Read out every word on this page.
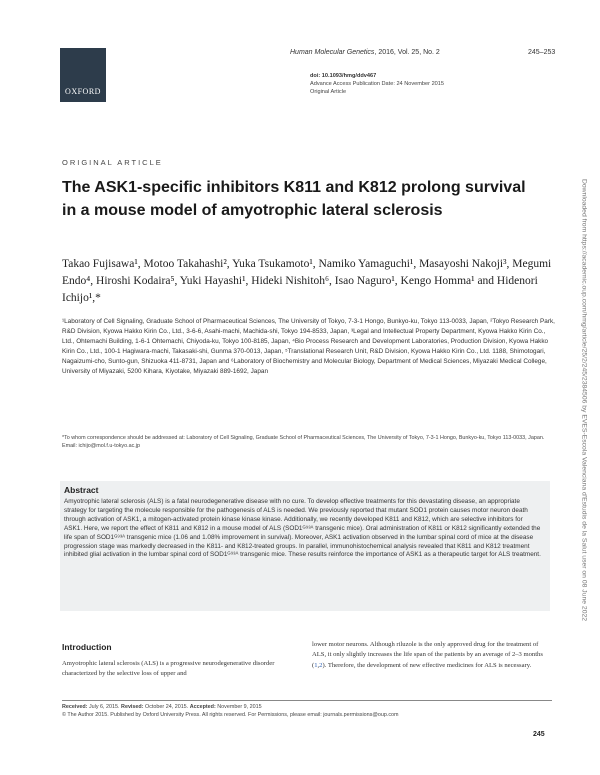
OXFORD
Human Molecular Genetics, 2016, Vol. 25, No. 2	245–253
doi: 10.1093/hmg/ddv467
Advance Access Publication Date: 24 November 2015
Original Article
ORIGINAL ARTICLE
The ASK1-specific inhibitors K811 and K812 prolong survival in a mouse model of amyotrophic lateral sclerosis
Takao Fujisawa¹, Motoo Takahashi², Yuka Tsukamoto¹, Namiko Yamaguchi¹, Masayoshi Nakoji³, Megumi Endo⁴, Hiroshi Kodaira⁵, Yuki Hayashi¹, Hideki Nishitoh⁶, Isao Naguro¹, Kengo Homma¹ and Hidenori Ichijo¹,*
¹Laboratory of Cell Signaling, Graduate School of Pharmaceutical Sciences, The University of Tokyo, 7-3-1 Hongo, Bunkyo-ku, Tokyo 113-0033, Japan, ²Tokyo Research Park, R&D Division, Kyowa Hakko Kirin Co., Ltd., 3-6-6, Asahi-machi, Machida-shi, Tokyo 194-8533, Japan, ³Legal and Intellectual Property Department, Kyowa Hakko Kirin Co., Ltd., Ohtemachi Building, 1-6-1 Ohtemachi, Chiyoda-ku, Tokyo 100-8185, Japan, ⁴Bio Process Research and Development Laboratories, Production Division, Kyowa Hakko Kirin Co., Ltd., 100-1 Hagiwara-machi, Takasaki-shi, Gunma 370-0013, Japan, ⁵Translational Research Unit, R&D Division, Kyowa Hakko Kirin Co., Ltd. 1188, Shimotogari, Nagaizumi-cho, Sunto-gun, Shizuoka 411-8731, Japan and ⁶Laboratory of Biochemistry and Molecular Biology, Department of Medical Sciences, Miyazaki Medical College, University of Miyazaki, 5200 Kihara, Kiyotake, Miyazaki 889-1692, Japan
*To whom correspondence should be addressed at: Laboratory of Cell Signaling, Graduate School of Pharmaceutical Sciences, The University of Tokyo, 7-3-1 Hongo, Bunkyo-ku, Tokyo 113-0033, Japan. Email: ichijo@mol.f.u-tokyo.ac.jp
Abstract
Amyotrophic lateral sclerosis (ALS) is a fatal neurodegenerative disease with no cure. To develop effective treatments for this devastating disease, an appropriate strategy for targeting the molecule responsible for the pathogenesis of ALS is needed. We previously reported that mutant SOD1 protein causes motor neuron death through activation of ASK1, a mitogen-activated protein kinase kinase kinase. Additionally, we recently developed K811 and K812, which are selective inhibitors for ASK1. Here, we report the effect of K811 and K812 in a mouse model of ALS (SOD1ᴳ⁹³ᴬ transgenic mice). Oral administration of K811 or K812 significantly extended the life span of SOD1ᴳ⁹³ᴬ transgenic mice (1.06 and 1.08% improvement in survival). Moreover, ASK1 activation observed in the lumbar spinal cord of mice at the disease progression stage was markedly decreased in the K811- and K812-treated groups. In parallel, immunohistochemical analysis revealed that K811 and K812 treatment inhibited glial activation in the lumbar spinal cord of SOD1ᴳ⁹³ᴬ transgenic mice. These results reinforce the importance of ASK1 as a therapeutic target for ALS treatment.
Introduction
Amyotrophic lateral sclerosis (ALS) is a progressive neurodegenerative disorder characterized by the selective loss of upper and
lower motor neurons. Although riluzole is the only approved drug for the treatment of ALS, it only slightly increases the life span of the patients by an average of 2–3 months (1,2). Therefore, the development of new effective medicines for ALS is necessary.
Received: July 6, 2015. Revised: October 24, 2015. Accepted: November 9, 2015
© The Author 2015. Published by Oxford University Press. All rights reserved. For Permissions, please email: journals.permissions@oup.com
245
Downloaded from https://academic.oup.com/hmg/article/25/2/245/2384506 by EVES-Escola Valenciana d'Estudis de la Salut user on 08 June 2022
